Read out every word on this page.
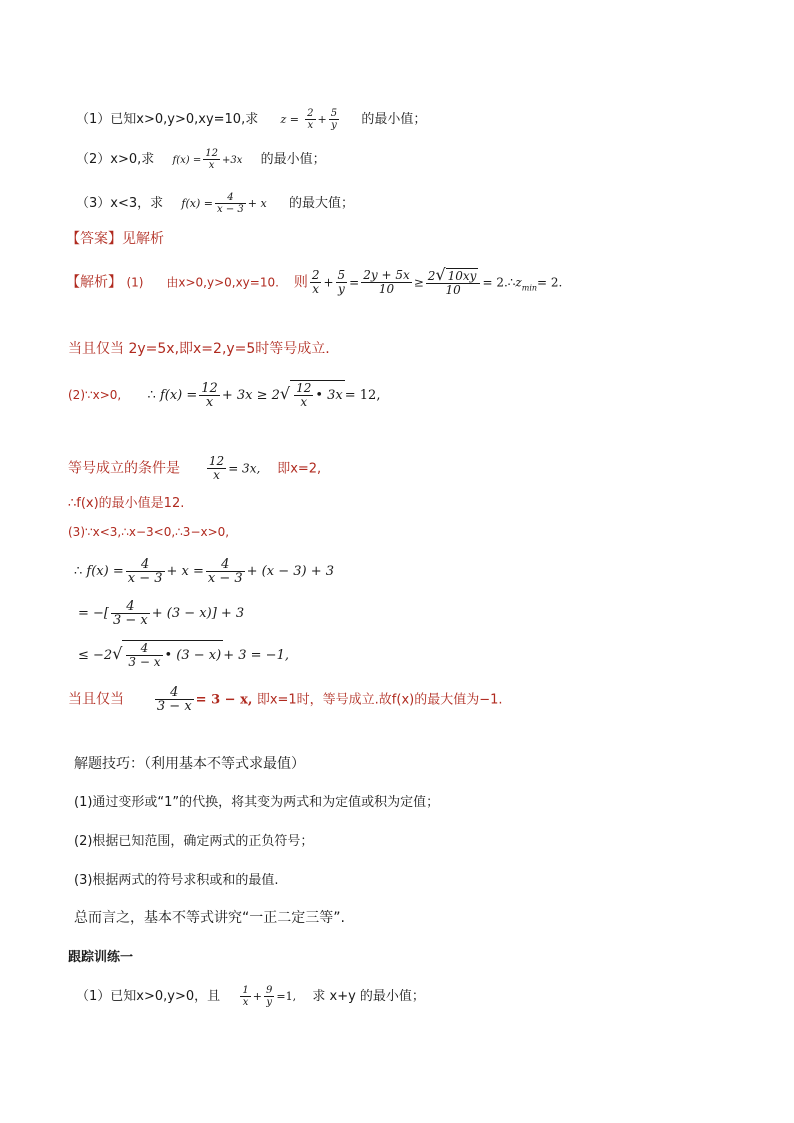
（1）已知x>0,y>0,xy=10,求 $z = \frac{2}{x} + \frac{5}{y}$ 的最小值；
（2）x>0,求 $f(x) = \frac{12}{x} +3x$ 的最小值；
（3）x<3，求 $f(x) = \frac{4}{x - 3} + x$ 的最大值；
【答案】见解析
【解析】 (1) 由x>0,y>0,xy=10. 则 $\frac{2}{x} + \frac{5}{y} = \frac{2y + 5x}{10} \ge \frac{2√ 10xy}{10}$ = $2.\therefore z_{min}= 2$.
当且仅当 2y=5x,即x=2,y=5时等号成立.
(2)∵x>0, ∴ $f(x) = \frac{12}{x} + 3x \ge 2√ \frac{12}{x}$ • 3x = 12,
等号成立的条件是 $\frac{12}{x} = 3x$, 即x=2,
∴f(x)的最小值是12.
(3)∵x<3,∴x−3<0,∴3−x>0,
∴ $f(x) = \frac{4}{x - 3} + x = \frac{4}{x - 3} + (x - 3) + 3$
= −[ $\frac{4}{3 - x} + (3 - x)] + 3$
≤ $-2√ \frac{4}{3 - x}$ • (3 − x) + 3 = −1,
当且仅当 $\frac{4}{3 - x} = 3 - x$, 即x=1时，等号成立.故f(x)的最大值为−1.
解题技巧：（利用基本不等式求最值）
(1)通过变形或“1”的代换，将其变为两式和为定值或积为定值；
(2)根据已知范围，确定两式的正负符号；
(3)根据两式的符号求积或和的最值.
总而言之，基本不等式讲究“一正二定三等”.
跟踪训练一
（1）已知x>0,y>0，且 $\frac{1}{x} + \frac{9}{y} =1$, 求 x+y 的最小值；
